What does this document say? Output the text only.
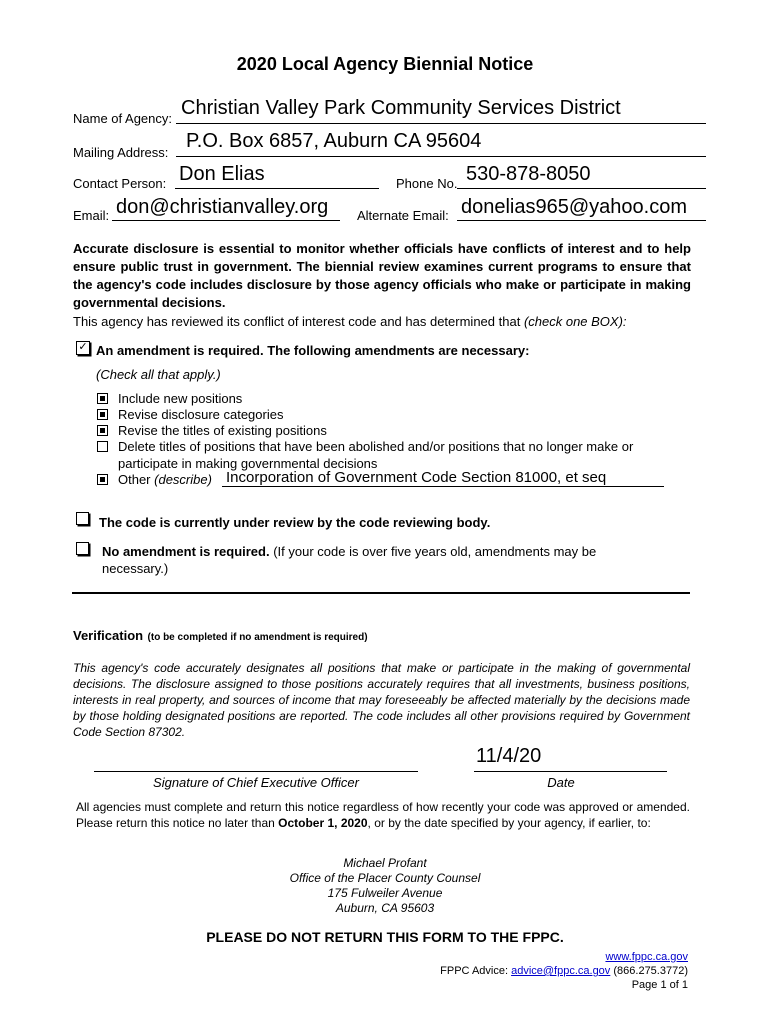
2020 Local Agency Biennial Notice
Name of Agency: Christian Valley Park Community Services District
Mailing Address:
P.O. Box 6857, Auburn CA 95604
Contact Person: Don Elias	Phone No. 530-878-8050
Email: don@christianvalley.org Alternate Email: donelias965@yahoo.com
Accurate disclosure is essential to monitor whether officials have conflicts of interest and to help ensure public trust in government. The biennial review examines current programs to ensure that the agency's code includes disclosure by those agency officials who make or participate in making governmental decisions.
This agency has reviewed its conflict of interest code and has determined that (check one BOX):
✓ An amendment is required. The following amendments are necessary:
(Check all that apply.)
Include new positions
Revise disclosure categories
Revise the titles of existing positions
Delete titles of positions that have been abolished and/or positions that no longer make or
participate in making governmental decisions
Other (describe) Incorporation of Government Code Section 81000, et seq
The code is currently under review by the code reviewing body.
No amendment is required. (If your code is over five years old, amendments may be
necessary.)
Verification (to be completed if no amendment is required)
This agency's code accurately designates all positions that make or participate in the making of governmental decisions. The disclosure assigned to those positions accurately requires that all investments, business positions, interests in real property, and sources of income that may foreseeably be affected materially by the decisions made by those holding designated positions are reported. The code includes all other provisions required by Government Code Section 87302.
Signature of Chief Executive Officer
11/4/20
Date
All agencies must complete and return this notice regardless of how recently your code was approved or amended. Please return this notice no later than October 1, 2020, or by the date specified by your agency, if earlier, to:
Michael Profant
Office of the Placer County Counsel
175 Fulweiler Avenue
Auburn, CA 95603
PLEASE DO NOT RETURN THIS FORM TO THE FPPC.
www.fppc.ca.gov
FPPC Advice: advice@fppc.ca.gov (866.275.3772)
Page 1 of 1
